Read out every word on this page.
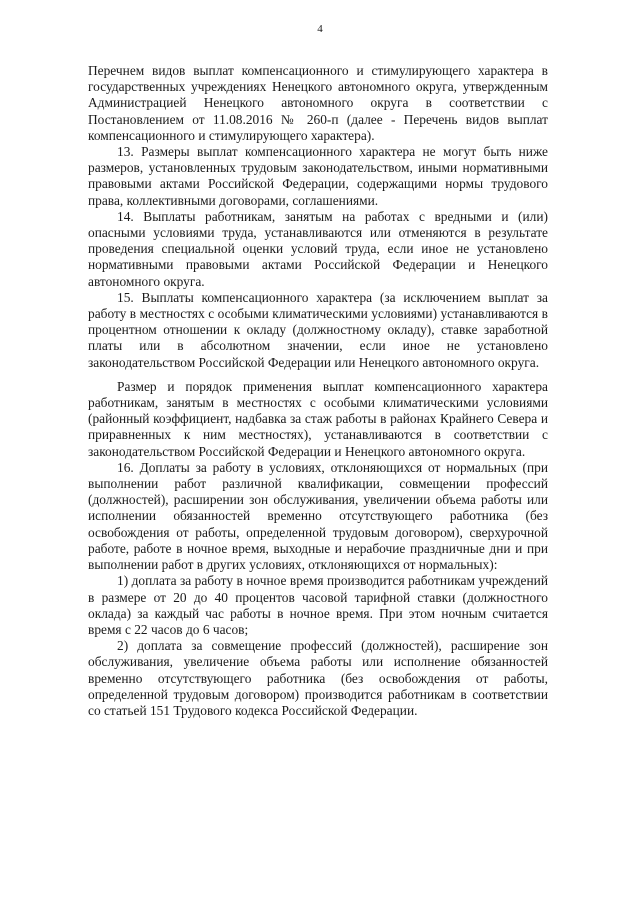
4

Перечнем видов выплат компенсационного и стимулирующего характера в государственных учреждениях Ненецкого автономного округа, утвержденным Администрацией Ненецкого автономного округа в соответствии с Постановлением от 11.08.2016 № 260-п (далее - Перечень видов выплат компенсационного и стимулирующего характера).

13. Размеры выплат компенсационного характера не могут быть ниже размеров, установленных трудовым законодательством, иными нормативными правовыми актами Российской Федерации, содержащими нормы трудового права, коллективными договорами, соглашениями.

14. Выплаты работникам, занятым на работах с вредными и (или) опасными условиями труда, устанавливаются или отменяются в результате проведения специальной оценки условий труда, если иное не установлено нормативными правовыми актами Российской Федерации и Ненецкого автономного округа.

15. Выплаты компенсационного характера (за исключением выплат за работу в местностях с особыми климатическими условиями) устанавливаются в процентном отношении к окладу (должностному окладу), ставке заработной платы или в абсолютном значении, если иное не установлено законодательством Российской Федерации или Ненецкого автономного округа.

Размер и порядок применения выплат компенсационного характера работникам, занятым в местностях с особыми климатическими условиями (районный коэффициент, надбавка за стаж работы в районах Крайнего Севера и приравненных к ним местностях), устанавливаются в соответствии с законодательством Российской Федерации и Ненецкого автономного округа.

16. Доплаты за работу в условиях, отклоняющихся от нормальных (при выполнении работ различной квалификации, совмещении профессий (должностей), расширении зон обслуживания, увеличении объема работы или исполнении обязанностей временно отсутствующего работника (без освобождения от работы, определенной трудовым договором), сверхурочной работе, работе в ночное время, выходные и нерабочие праздничные дни и при выполнении работ в других условиях, отклоняющихся от нормальных):

1) доплата за работу в ночное время производится работникам учреждений в размере от 20 до 40 процентов часовой тарифной ставки (должностного оклада) за каждый час работы в ночное время. При этом ночным считается время с 22 часов до 6 часов;

2) доплата за совмещение профессий (должностей), расширение зон обслуживания, увеличение объема работы или исполнение обязанностей временно отсутствующего работника (без освобождения от работы, определенной трудовым договором) производится работникам в соответствии со статьей 151 Трудового кодекса Российской Федерации.
